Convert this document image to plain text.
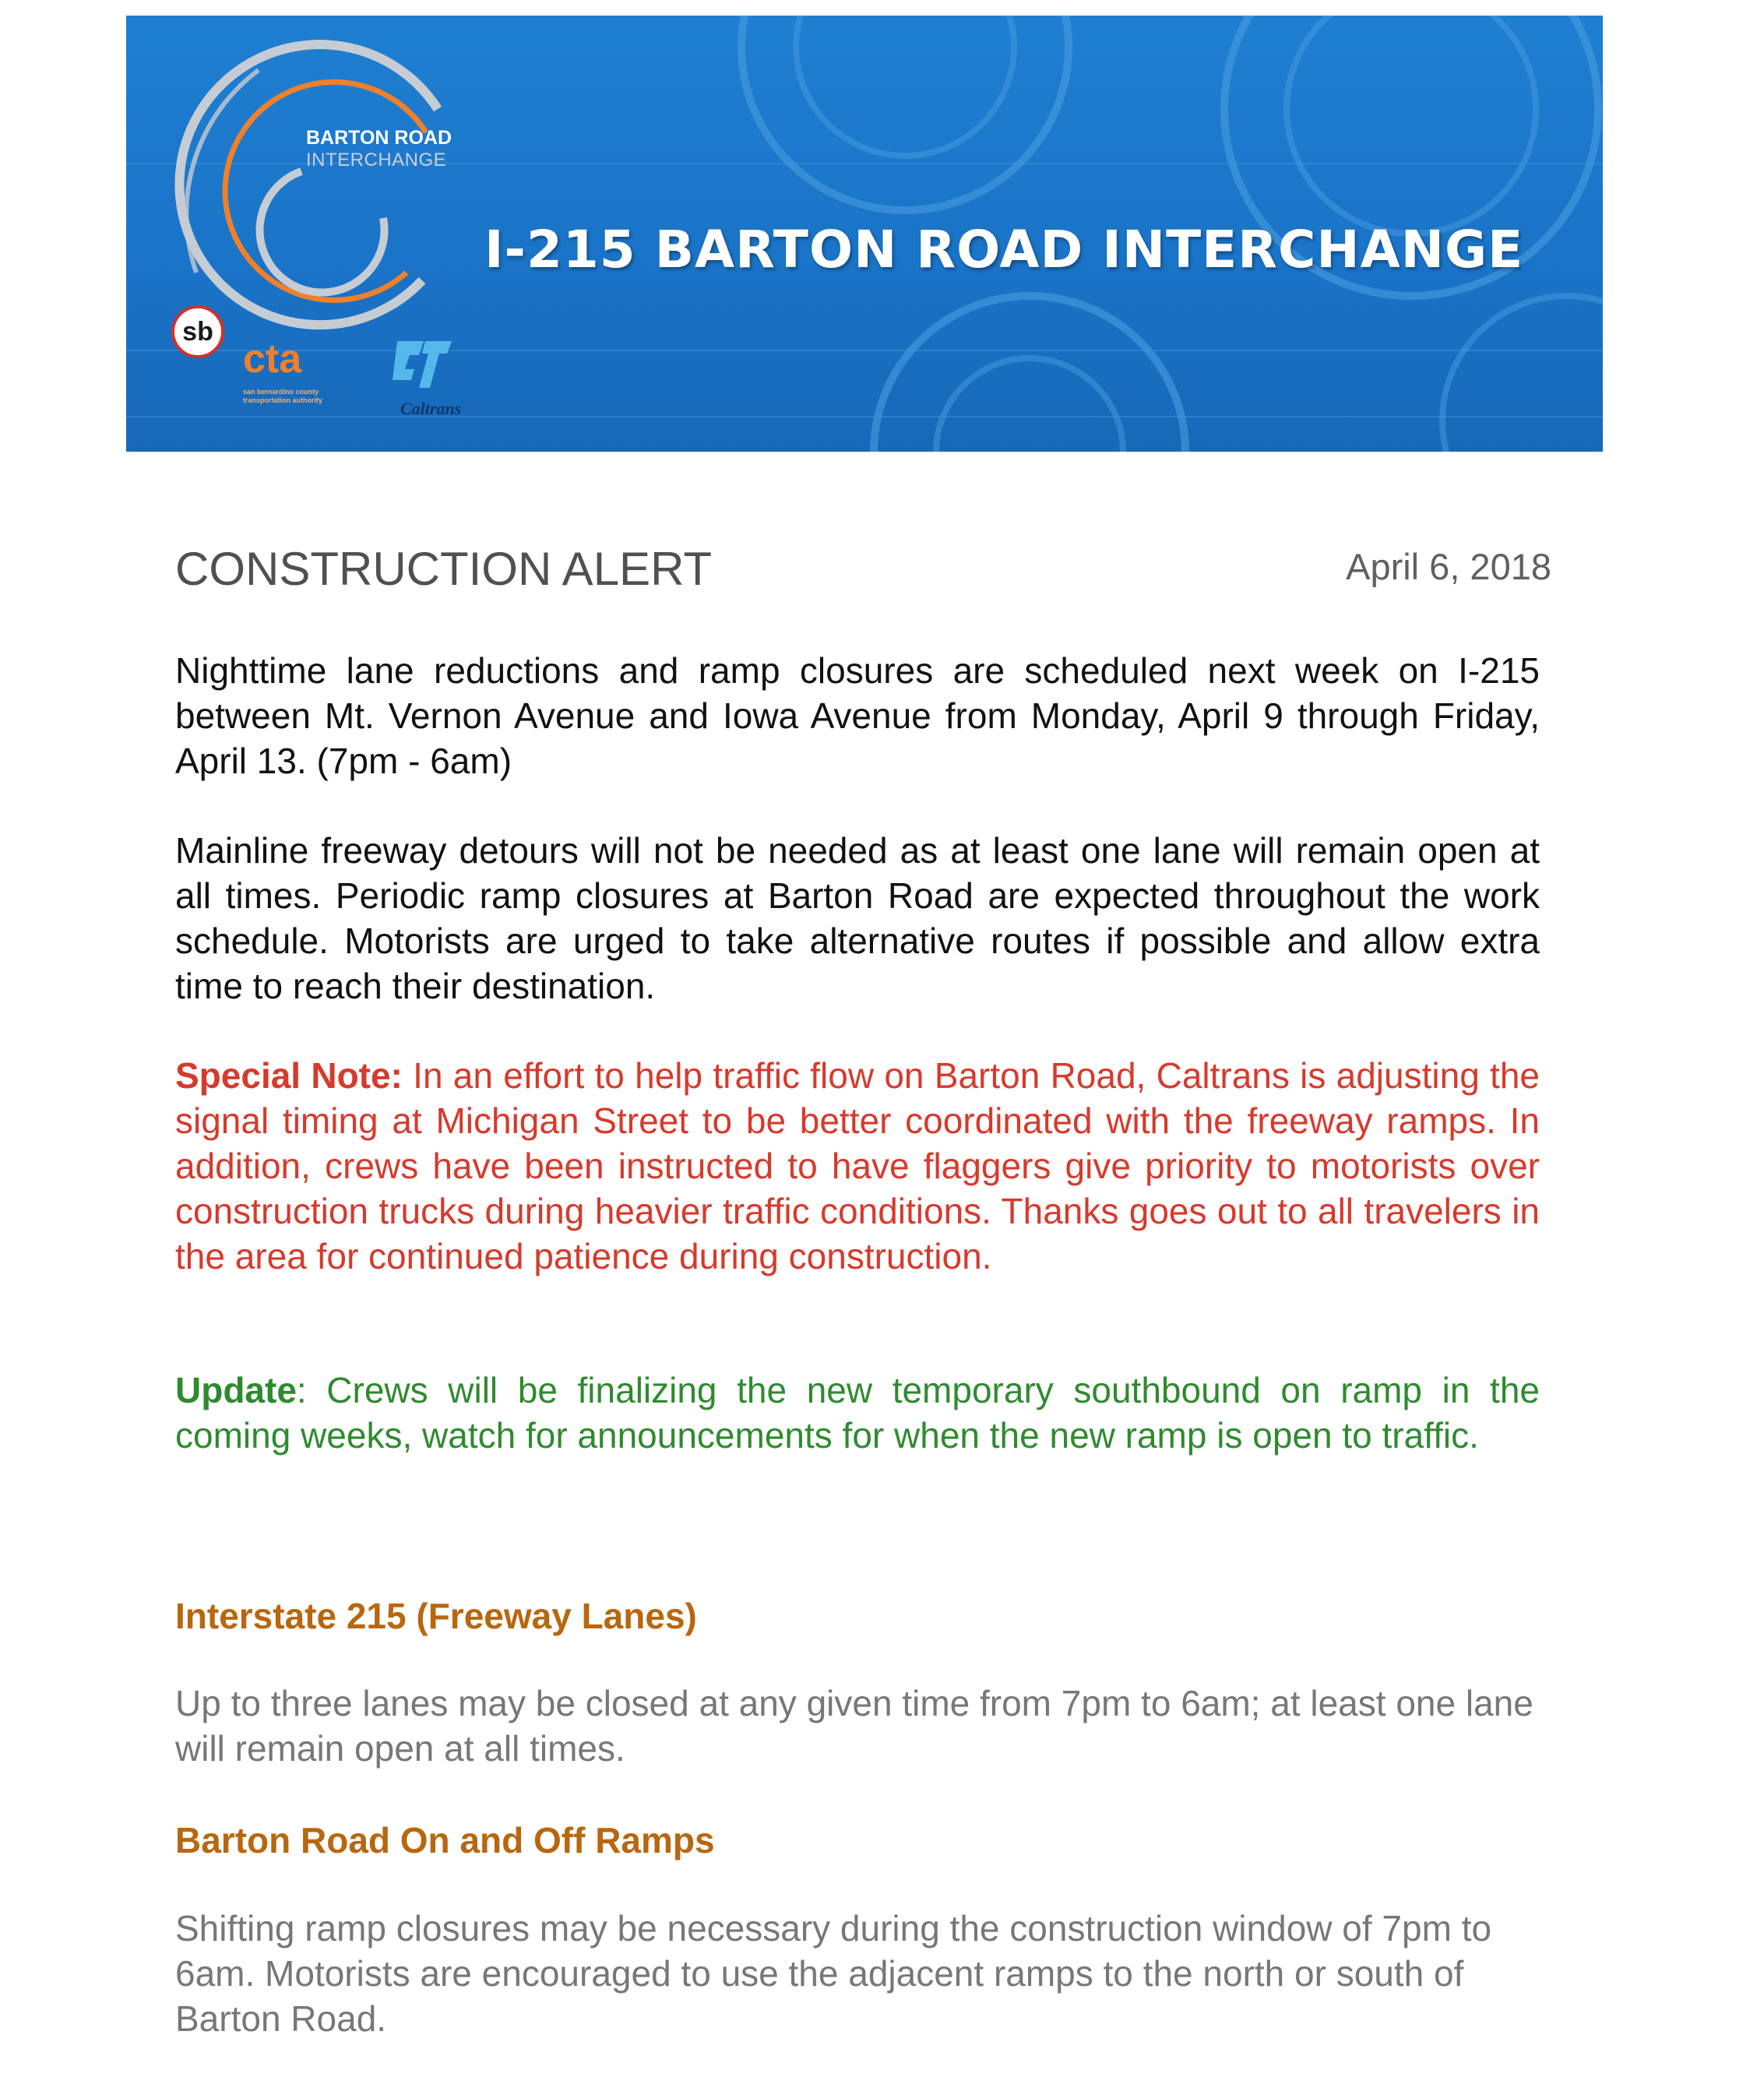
BARTON ROAD
INTERCHANGE
I-215 BARTON ROAD INTERCHANGE
sb
cta
san bernardino county transportation authority	Caltrans
CONSTRUCTION ALERT	April 6, 2018

Nighttime lane reductions and ramp closures are scheduled next week on I-215 between Mt. Vernon Avenue and Iowa Avenue from Monday, April 9 through Friday, April 13. (7pm - 6am)

Mainline freeway detours will not be needed as at least one lane will remain open at all times. Periodic ramp closures at Barton Road are expected throughout the work schedule. Motorists are urged to take alternative routes if possible and allow extra time to reach their destination.

Special Note: In an effort to help traffic flow on Barton Road, Caltrans is adjusting the signal timing at Michigan Street to be better coordinated with the freeway ramps. In addition, crews have been instructed to have flaggers give priority to motorists over construction trucks during heavier traffic conditions. Thanks goes out to all travelers in the area for continued patience during construction.

Update: Crews will be finalizing the new temporary southbound on ramp in the coming weeks, watch for announcements for when the new ramp is open to traffic.

Interstate 215 (Freeway Lanes)

Up to three lanes may be closed at any given time from 7pm to 6am; at least one lane will remain open at all times.

Barton Road On and Off Ramps

Shifting ramp closures may be necessary during the construction window of 7pm to 6am. Motorists are encouraged to use the adjacent ramps to the north or south of Barton Road.
